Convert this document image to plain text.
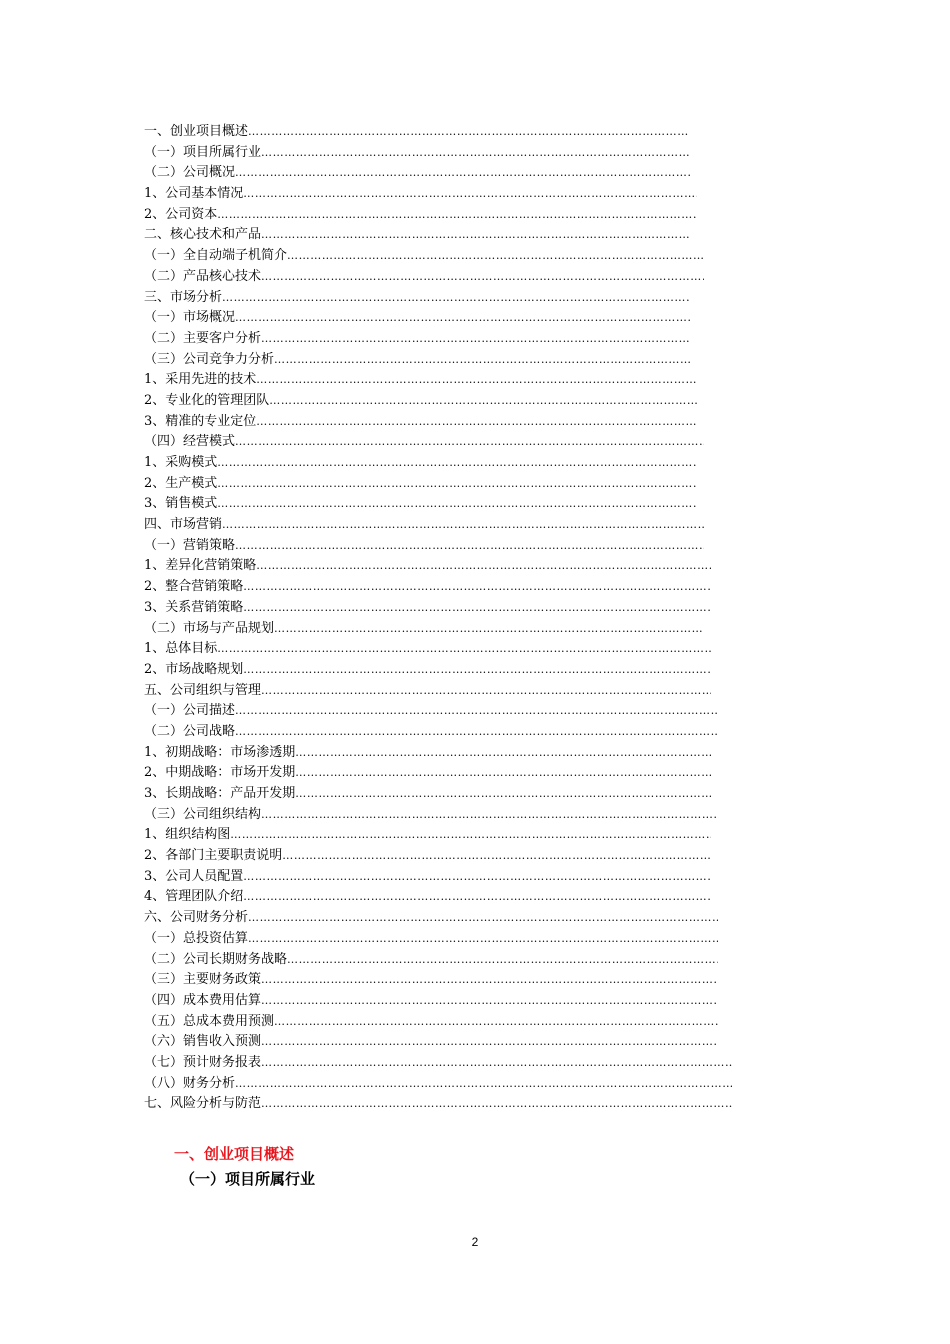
一、创业项目概述
…………………………………………………………………………………………………………………………
（一）项目所属行业
…………………………………………………………………………………………………………………………
（二）公司概况
…………………………………………………………………………………………………………………………
1、公司基本情况
…………………………………………………………………………………………………………………………
2、公司资本
…………………………………………………………………………………………………………………………
二、核心技术和产品
…………………………………………………………………………………………………………………………
（一）全自动端子机简介
…………………………………………………………………………………………………………………………
（二）产品核心技术
…………………………………………………………………………………………………………………………
三、市场分析
…………………………………………………………………………………………………………………………
（一）市场概况
…………………………………………………………………………………………………………………………
（二）主要客户分析
…………………………………………………………………………………………………………………………
（三）公司竞争力分析
…………………………………………………………………………………………………………………………
1、采用先进的技术
…………………………………………………………………………………………………………………………
2、专业化的管理团队
…………………………………………………………………………………………………………………………
3、精准的专业定位
…………………………………………………………………………………………………………………………
（四）经营模式
…………………………………………………………………………………………………………………………
1、采购模式
…………………………………………………………………………………………………………………………
2、生产模式
…………………………………………………………………………………………………………………………
3、销售模式
…………………………………………………………………………………………………………………………
四、市场营销
…………………………………………………………………………………………………………………………
（一）营销策略
…………………………………………………………………………………………………………………………
1、差异化营销策略
…………………………………………………………………………………………………………………………
2、整合营销策略
…………………………………………………………………………………………………………………………
3、关系营销策略
…………………………………………………………………………………………………………………………
（二）市场与产品规划
…………………………………………………………………………………………………………………………
1、总体目标
…………………………………………………………………………………………………………………………
2、市场战略规划
…………………………………………………………………………………………………………………………
五、公司组织与管理
…………………………………………………………………………………………………………………………
（一）公司描述
…………………………………………………………………………………………………………………………
（二）公司战略
…………………………………………………………………………………………………………………………
1、初期战略：市场渗透期
…………………………………………………………………………………………………………………………
2、中期战略：市场开发期
…………………………………………………………………………………………………………………………
3、长期战略：产品开发期
…………………………………………………………………………………………………………………………
（三）公司组织结构
…………………………………………………………………………………………………………………………
1、组织结构图
…………………………………………………………………………………………………………………………
2、各部门主要职责说明
…………………………………………………………………………………………………………………………
3、公司人员配置
…………………………………………………………………………………………………………………………
4、管理团队介绍
…………………………………………………………………………………………………………………………
六、公司财务分析
…………………………………………………………………………………………………………………………
（一）总投资估算
…………………………………………………………………………………………………………………………
（二）公司长期财务战略
…………………………………………………………………………………………………………………………
（三）主要财务政策
…………………………………………………………………………………………………………………………
（四）成本费用估算
…………………………………………………………………………………………………………………………
（五）总成本费用预测
…………………………………………………………………………………………………………………………
（六）销售收入预测
…………………………………………………………………………………………………………………………
（七）预计财务报表
…………………………………………………………………………………………………………………………
（八）财务分析
…………………………………………………………………………………………………………………………
七、风险分析与防范
…………………………………………………………………………………………………………………………
一、创业项目概述
（一）项目所属行业
2
